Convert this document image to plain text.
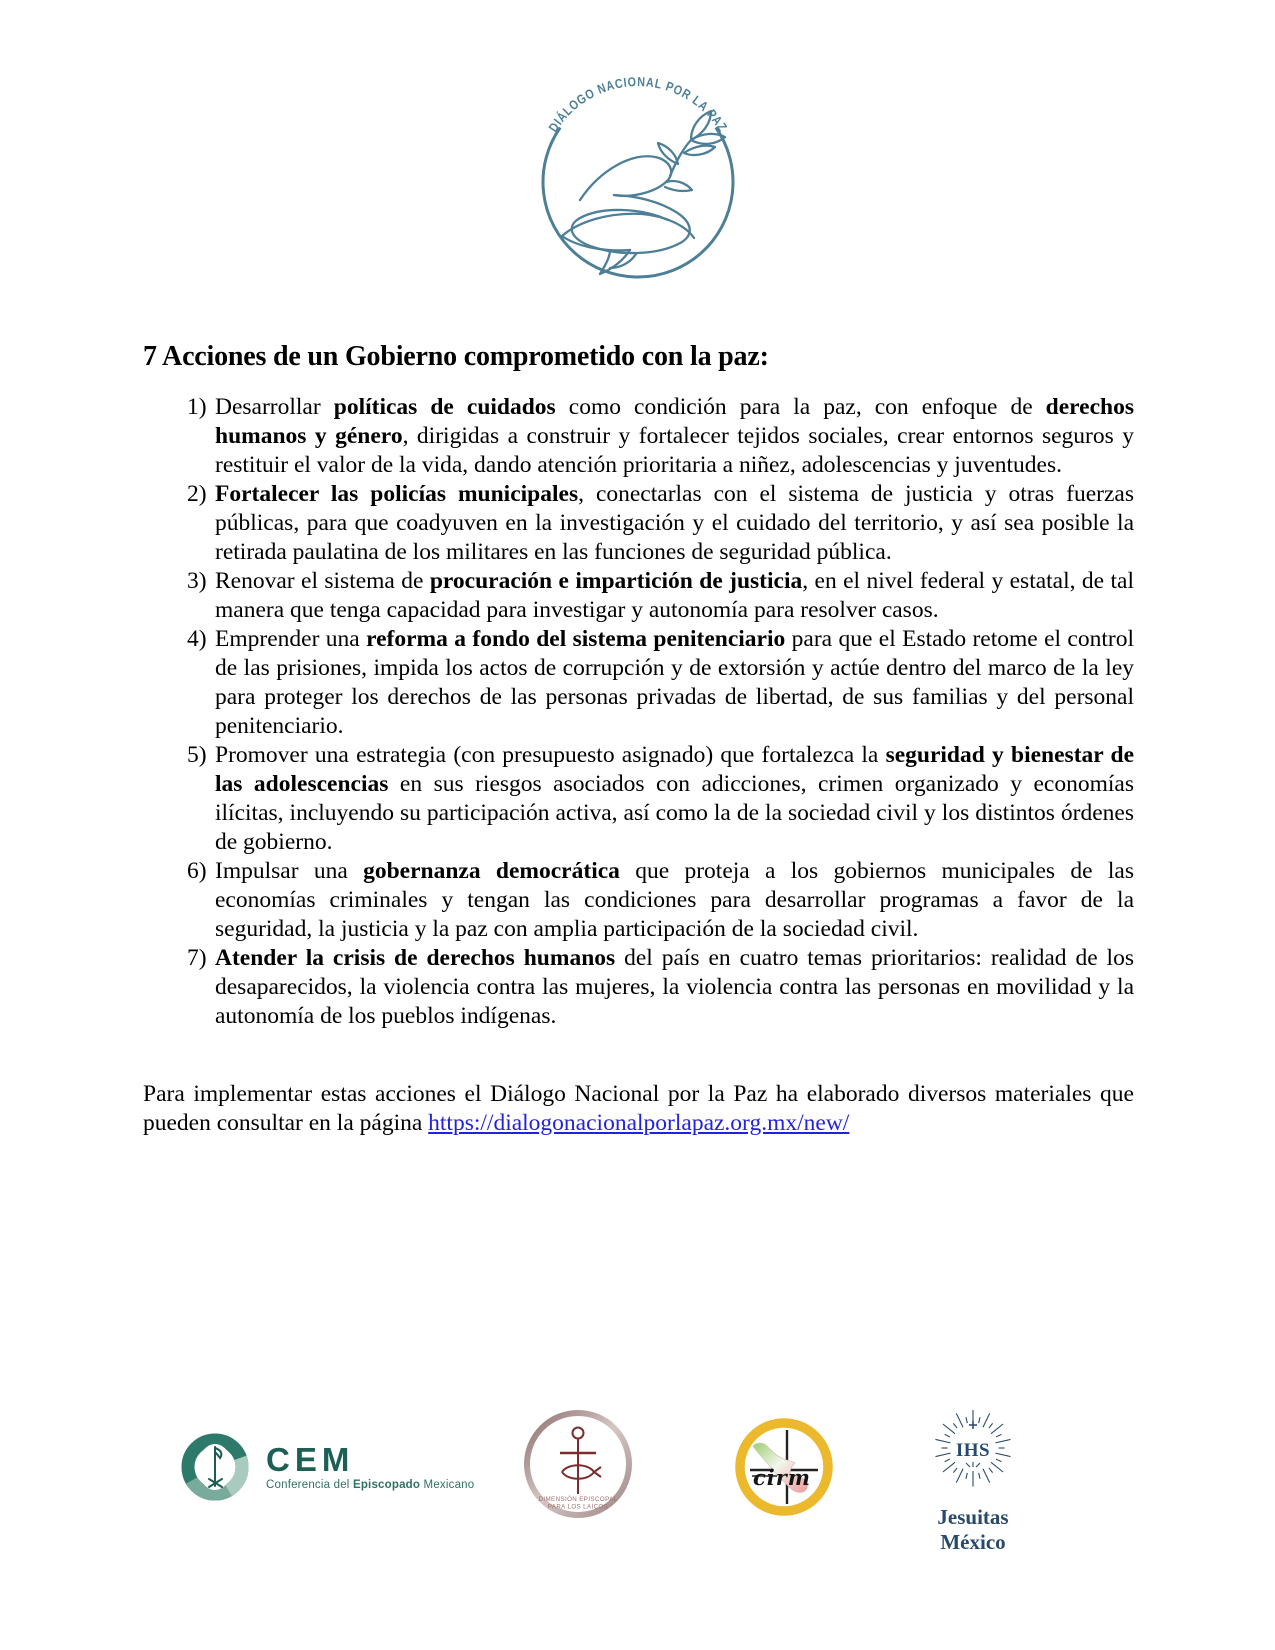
DIÁLOGO NACIONAL POR LA PAZ
7 Acciones de un Gobierno comprometido con la paz:
1) Desarrollar políticas de cuidados como condición para la paz, con enfoque de derechos humanos y género, dirigidas a construir y fortalecer tejidos sociales, crear entornos seguros y restituir el valor de la vida, dando atención prioritaria a niñez, adolescencias y juventudes.
2) Fortalecer las policías municipales, conectarlas con el sistema de justicia y otras fuerzas públicas, para que coadyuven en la investigación y el cuidado del territorio, y así sea posible la retirada paulatina de los militares en las funciones de seguridad pública.
3) Renovar el sistema de procuración e impartición de justicia, en el nivel federal y estatal, de tal manera que tenga capacidad para investigar y autonomía para resolver casos.
4) Emprender una reforma a fondo del sistema penitenciario para que el Estado retome el control de las prisiones, impida los actos de corrupción y de extorsión y actúe dentro del marco de la ley para proteger los derechos de las personas privadas de libertad, de sus familias y del personal penitenciario.
5) Promover una estrategia (con presupuesto asignado) que fortalezca la seguridad y bienestar de las adolescencias en sus riesgos asociados con adicciones, crimen organizado y economías ilícitas, incluyendo su participación activa, así como la de la sociedad civil y los distintos órdenes de gobierno.
6) Impulsar una gobernanza democrática que proteja a los gobiernos municipales de las economías criminales y tengan las condiciones para desarrollar programas a favor de la seguridad, la justicia y la paz con amplia participación de la sociedad civil.
7) Atender la crisis de derechos humanos del país en cuatro temas prioritarios: realidad de los desaparecidos, la violencia contra las mujeres, la violencia contra las personas en movilidad y la autonomía de los pueblos indígenas.

Para implementar estas acciones el Diálogo Nacional por la Paz ha elaborado diversos materiales que pueden consultar en la página https://dialogonacionalporlapaz.org.mx/new/

CEM
Conferencia del Episcopado Mexicano
DIMENSIÓN EPISCOPAL
PARA LOS LAICOS
cirm
IHS
Jesuitas México
